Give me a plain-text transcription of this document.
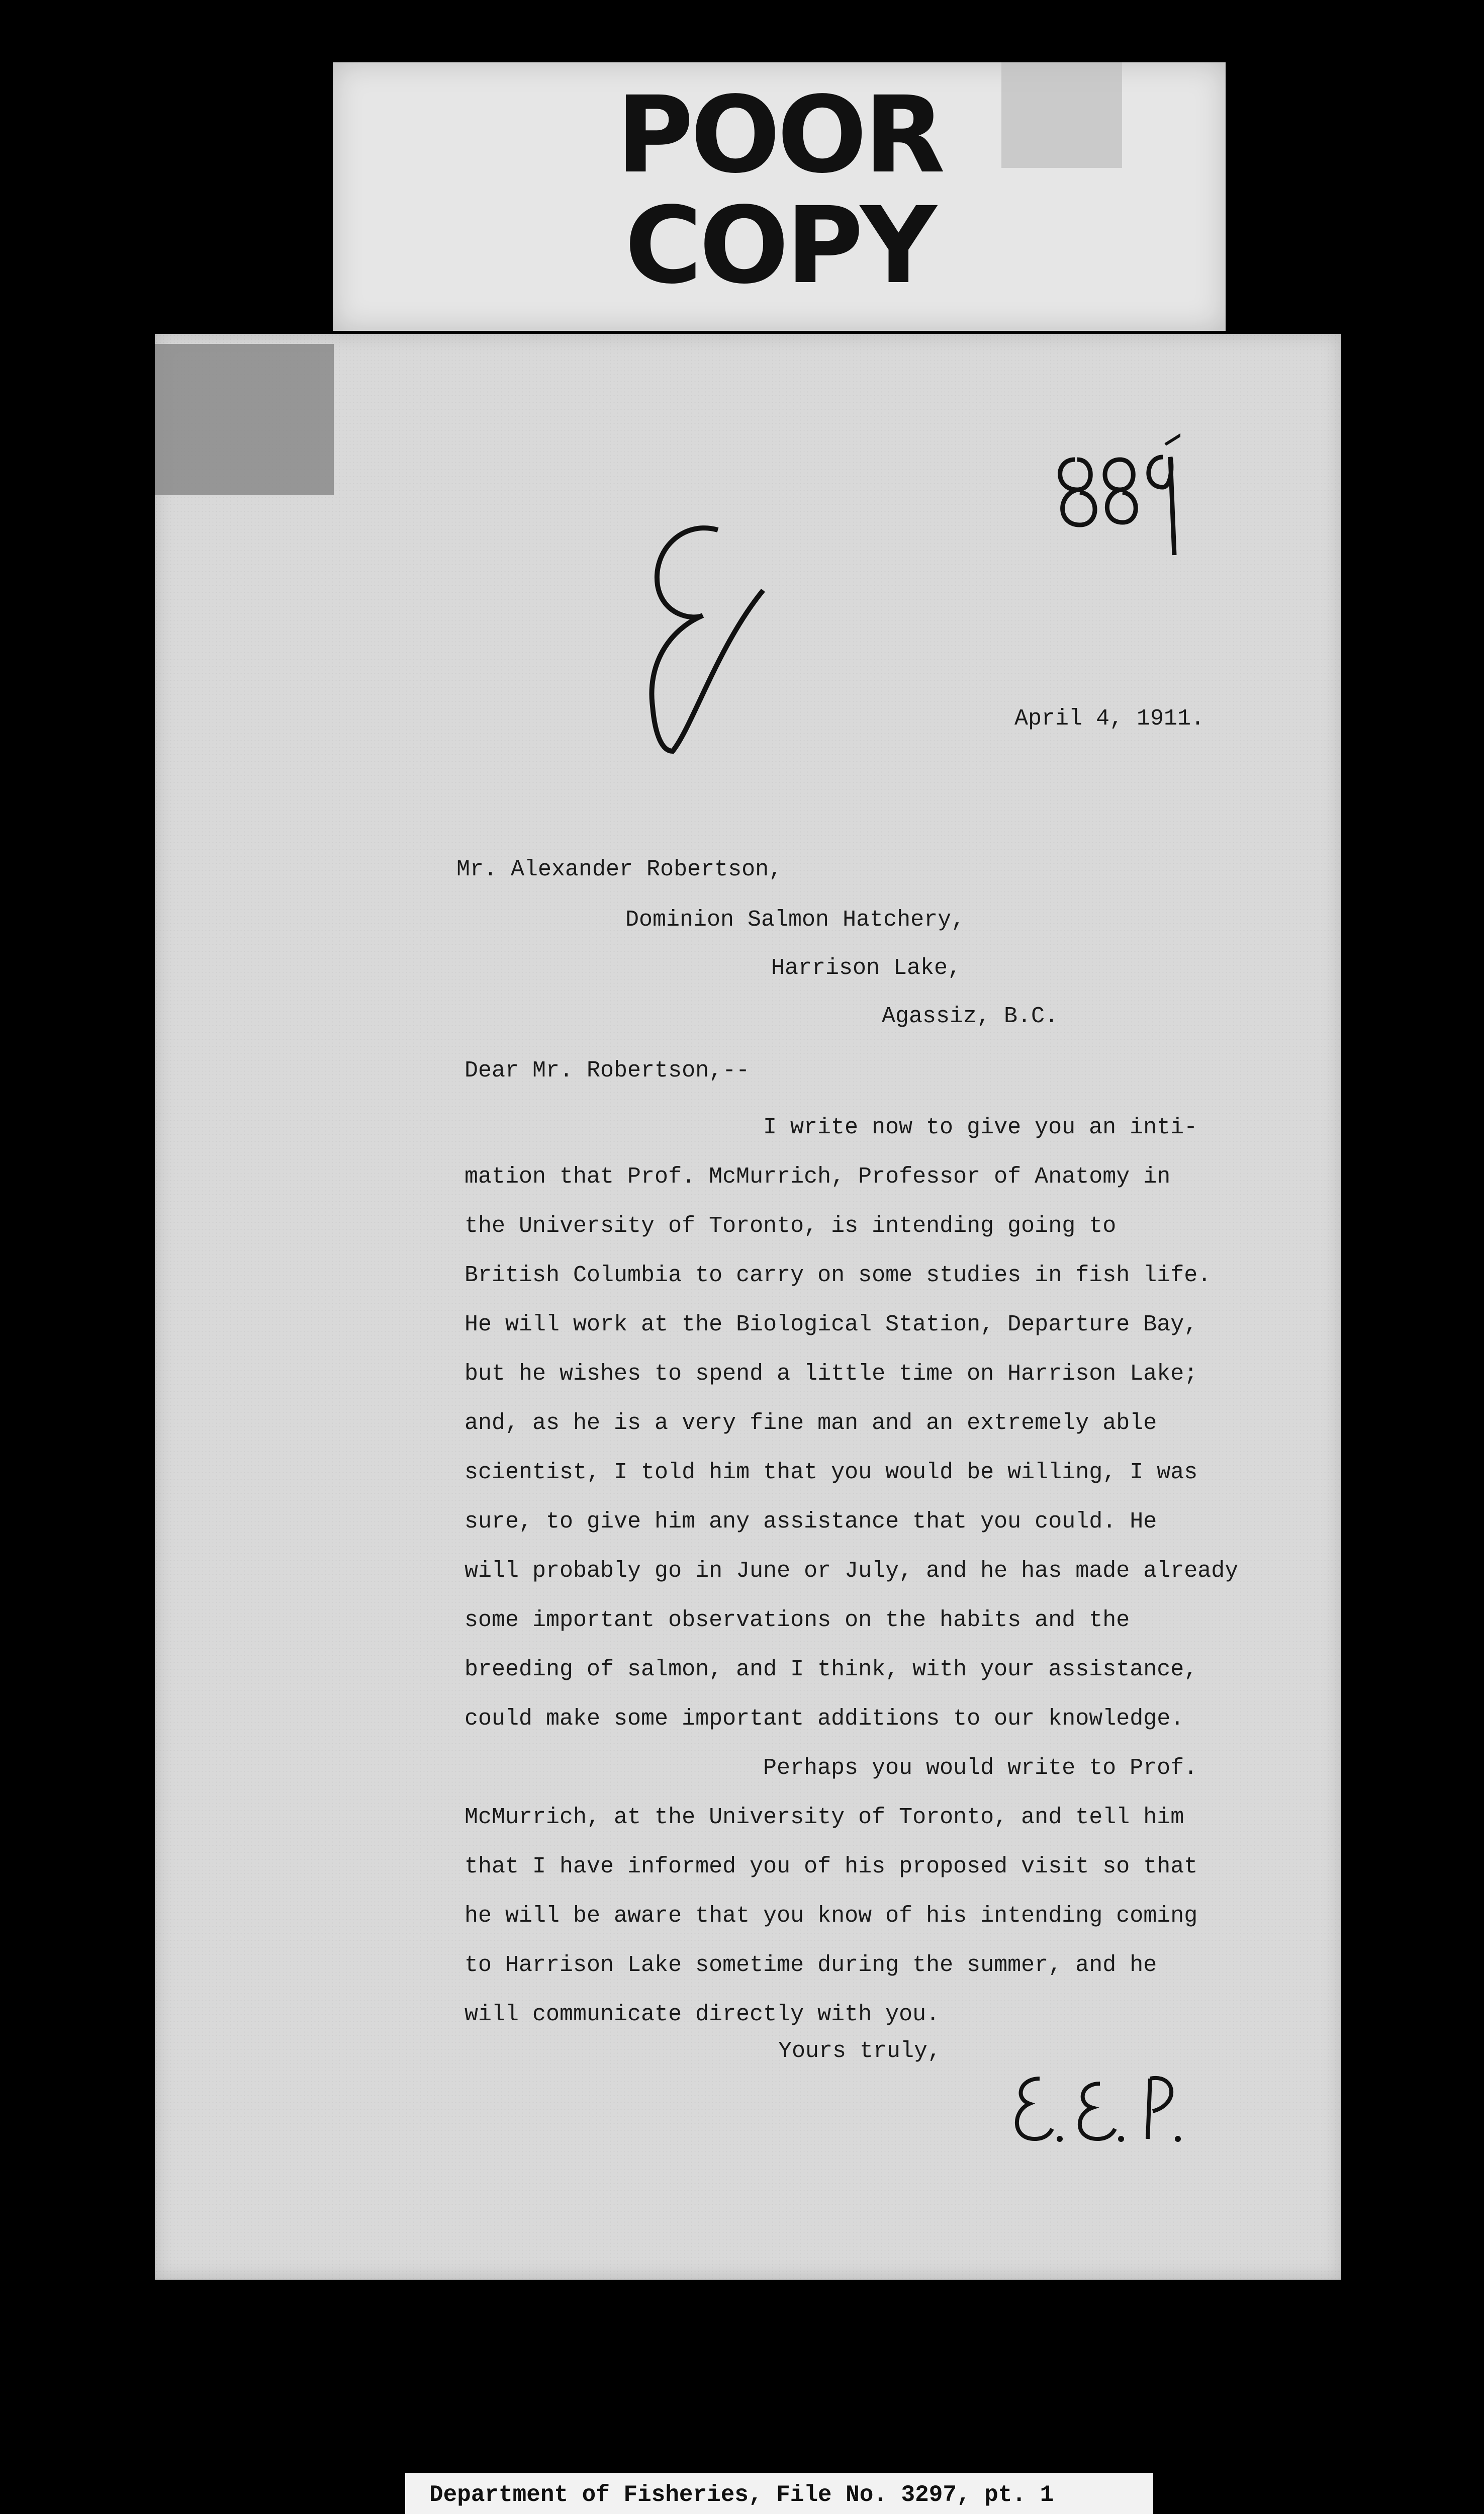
POOR
COPY
April 4, 1911.
Mr. Alexander Robertson,
Dominion Salmon Hatchery,
Harrison Lake,
Agassiz, B.C.
Dear Mr. Robertson,--
I write now to give you an inti-
mation that Prof. McMurrich, Professor of Anatomy in
the University of Toronto, is intending going to
British Columbia to carry on some studies in fish life.
He will work at the Biological Station, Departure Bay,
but he wishes to spend a little time on Harrison Lake;
and, as he is a very fine man and an extremely able
scientist, I told him that you would be willing, I was
sure, to give him any assistance that you could. He
will probably go in June or July, and he has made already
some important observations on the habits and the
breeding of salmon, and I think, with your assistance,
could make some important additions to our knowledge.
Perhaps you would write to Prof.
McMurrich, at the University of Toronto, and tell him
that I have informed you of his proposed visit so that
he will be aware that you know of his intending coming
to Harrison Lake sometime during the summer, and he
will communicate directly with you.
Yours truly,
Department of Fisheries, File No. 3297, pt. 1
